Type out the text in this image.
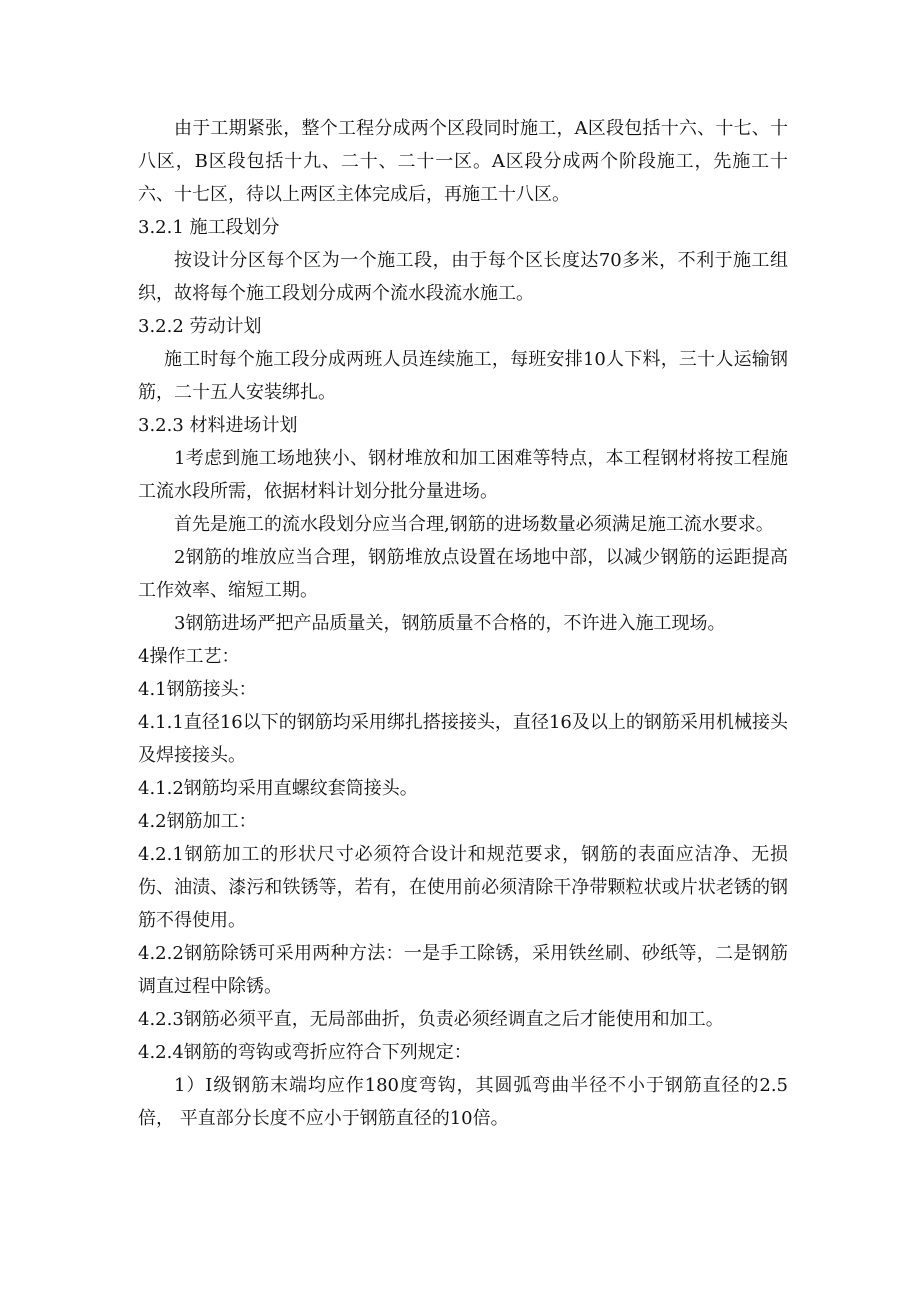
由于工期紧张，整个工程分成两个区段同时施工，A区段包括十六、十七、十八区，B区段包括十九、二十、二十一区。A区段分成两个阶段施工，先施工十六、十七区，待以上两区主体完成后，再施工十八区。

3.2.1 施工段划分

按设计分区每个区为一个施工段，由于每个区长度达70多米，不利于施工组织，故将每个施工段划分成两个流水段流水施工。

3.2.2 劳动计划

施工时每个施工段分成两班人员连续施工，每班安排10人下料，三十人运输钢筋，二十五人安装绑扎。

3.2.3 材料进场计划

1考虑到施工场地狭小、钢材堆放和加工困难等特点，本工程钢材将按工程施工流水段所需，依据材料计划分批分量进场。

首先是施工的流水段划分应当合理,钢筋的进场数量必须满足施工流水要求。

2钢筋的堆放应当合理，钢筋堆放点设置在场地中部，以减少钢筋的运距提高工作效率、缩短工期。

3钢筋进场严把产品质量关，钢筋质量不合格的，不许进入施工现场。

4操作工艺：

4.1钢筋接头：

4.1.1直径16以下的钢筋均采用绑扎搭接接头，直径16及以上的钢筋采用机械接头及焊接接头。

4.1.2钢筋均采用直螺纹套筒接头。

4.2钢筋加工：

4.2.1钢筋加工的形状尺寸必须符合设计和规范要求，钢筋的表面应洁净、无损伤、油渍、漆污和铁锈等，若有，在使用前必须清除干净带颗粒状或片状老锈的钢筋不得使用。

4.2.2钢筋除锈可采用两种方法：一是手工除锈，采用铁丝刷、砂纸等，二是钢筋调直过程中除锈。

4.2.3钢筋必须平直，无局部曲折，负责必须经调直之后才能使用和加工。

4.2.4钢筋的弯钩或弯折应符合下列规定：

1）Ⅰ级钢筋末端均应作180度弯钩，其圆弧弯曲半径不小于钢筋直径的2.5倍， 平直部分长度不应小于钢筋直径的10倍。
